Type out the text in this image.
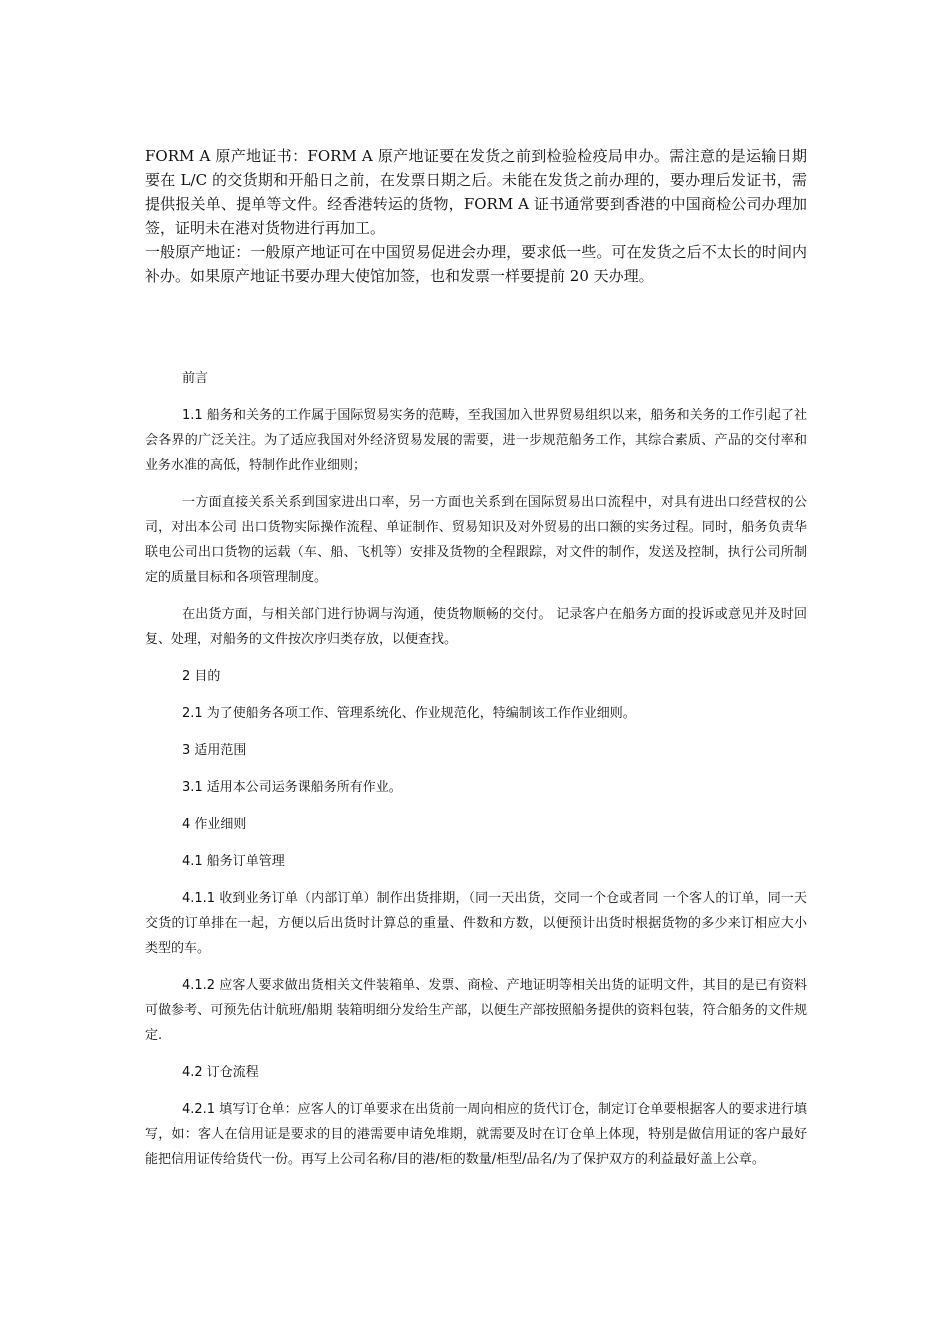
FORM A 原产地证书：FORM A 原产地证要在发货之前到检验检疫局申办。需注意的是运输日期要在 L/C 的交货期和开船日之前，在发票日期之后。未能在发货之前办理的，要办理后发证书，需提供报关单、提单等文件。经香港转运的货物，FORM A 证书通常要到香港的中国商检公司办理加签，证明未在港对货物进行再加工。

一般原产地证：一般原产地证可在中国贸易促进会办理，要求低一些。可在发货之后不太长的时间内补办。如果原产地证书要办理大使馆加签，也和发票一样要提前 20 天办理。

前言

1.1 船务和关务的工作属于国际贸易实务的范畴，至我国加入世界贸易组织以来，船务和关务的工作引起了社会各界的广泛关注。为了适应我国对外经济贸易发展的需要，进一步规范船务工作，其综合素质、产品的交付率和业务水准的高低，特制作此作业细则；

一方面直接关系关系到国家进出口率，另一方面也关系到在国际贸易出口流程中，对具有进出口经营权的公司，对出本公司 出口货物实际操作流程、单证制作、贸易知识及对外贸易的出口额的实务过程。同时，船务负责华联电公司出口货物的运载（车、船、飞机等）安排及货物的全程跟踪，对文件的制作，发送及控制，执行公司所制定的质量目标和各项管理制度。

在出货方面，与相关部门进行协调与沟通，使货物顺畅的交付。 记录客户在船务方面的投诉或意见并及时回复、处理，对船务的文件按次序归类存放，以便查找。

2 目的

2.1 为了使船务各项工作、管理系统化、作业规范化，特编制该工作作业细则。

3 适用范围

3.1 适用本公司运务课船务所有作业。

4 作业细则

4.1 船务订单管理

4.1.1 收到业务订单（内部订单）制作出货排期，（同一天出货，交同一个仓或者同 一个客人的订单，同一天交货的订单排在一起，方便以后出货时计算总的重量、件数和方数，以便预计出货时根据货物的多少来订相应大小类型的车。

4.1.2 应客人要求做出货相关文件装箱单、发票、商检、产地证明等相关出货的证明文件，其目的是已有资料可做参考、可预先估计航班/船期 装箱明细分发给生产部，以便生产部按照船务提供的资料包装，符合船务的文件规定.

4.2 订仓流程

4.2.1 填写订仓单：应客人的订单要求在出货前一周向相应的货代订仓，制定订仓单要根据客人的要求进行填写，如：客人在信用证是要求的目的港需要申请免堆期，就需要及时在订仓单上体现，特别是做信用证的客户最好能把信用证传给货代一份。再写上公司名称/目的港/柜的数量/柜型/品名/为了保护双方的利益最好盖上公章。
